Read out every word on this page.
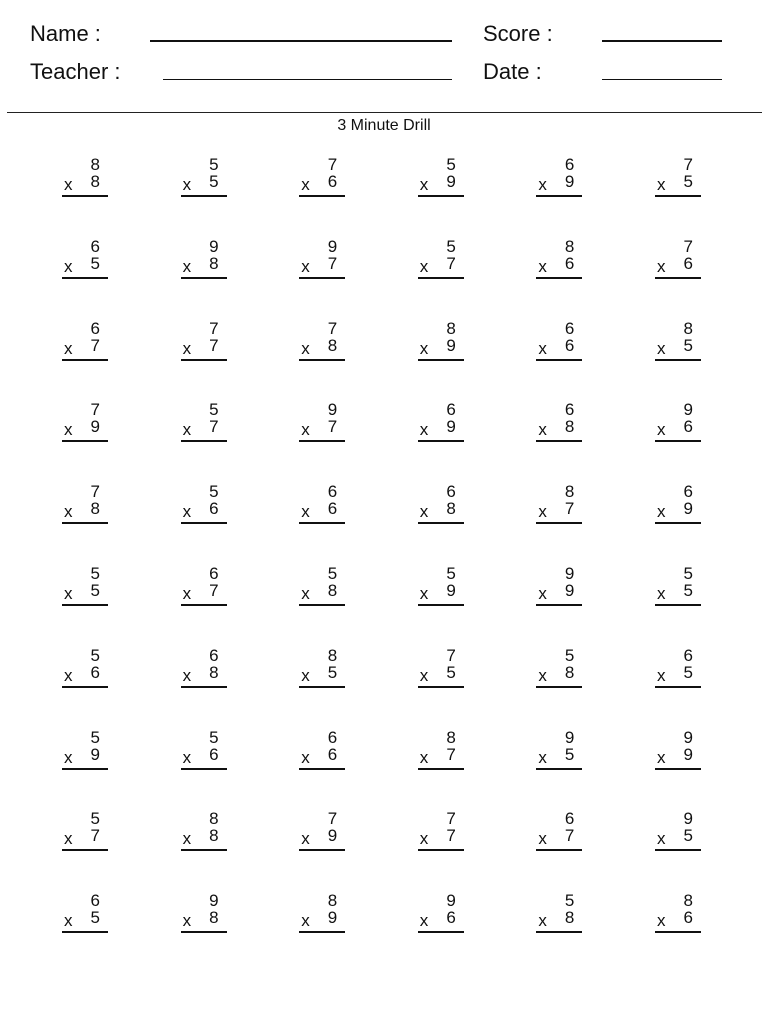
Name :
Teacher :
Score :
Date :
3 Minute Drill
8
x 8
5
x 5
7
x 6
5
x 9
6
x 9
7
x 5
6
x 5
9
x 8
9
x 7
5
x 7
8
x 6
7
x 6
6
x 7
7
x 7
7
x 8
8
x 9
6
x 6
8
x 5
7
x 9
5
x 7
9
x 7
6
x 9
6
x 8
9
x 6
7
x 8
5
x 6
6
x 6
6
x 8
8
x 7
6
x 9
5
x 5
6
x 7
5
x 8
5
x 9
9
x 9
5
x 5
5
x 6
6
x 8
8
x 5
7
x 5
5
x 8
6
x 5
5
x 9
5
x 6
6
x 6
8
x 7
9
x 5
9
x 9
5
x 7
8
x 8
7
x 9
7
x 7
6
x 7
9
x 5
6
x 5
9
x 8
8
x 9
9
x 6
5
x 8
8
x 6
